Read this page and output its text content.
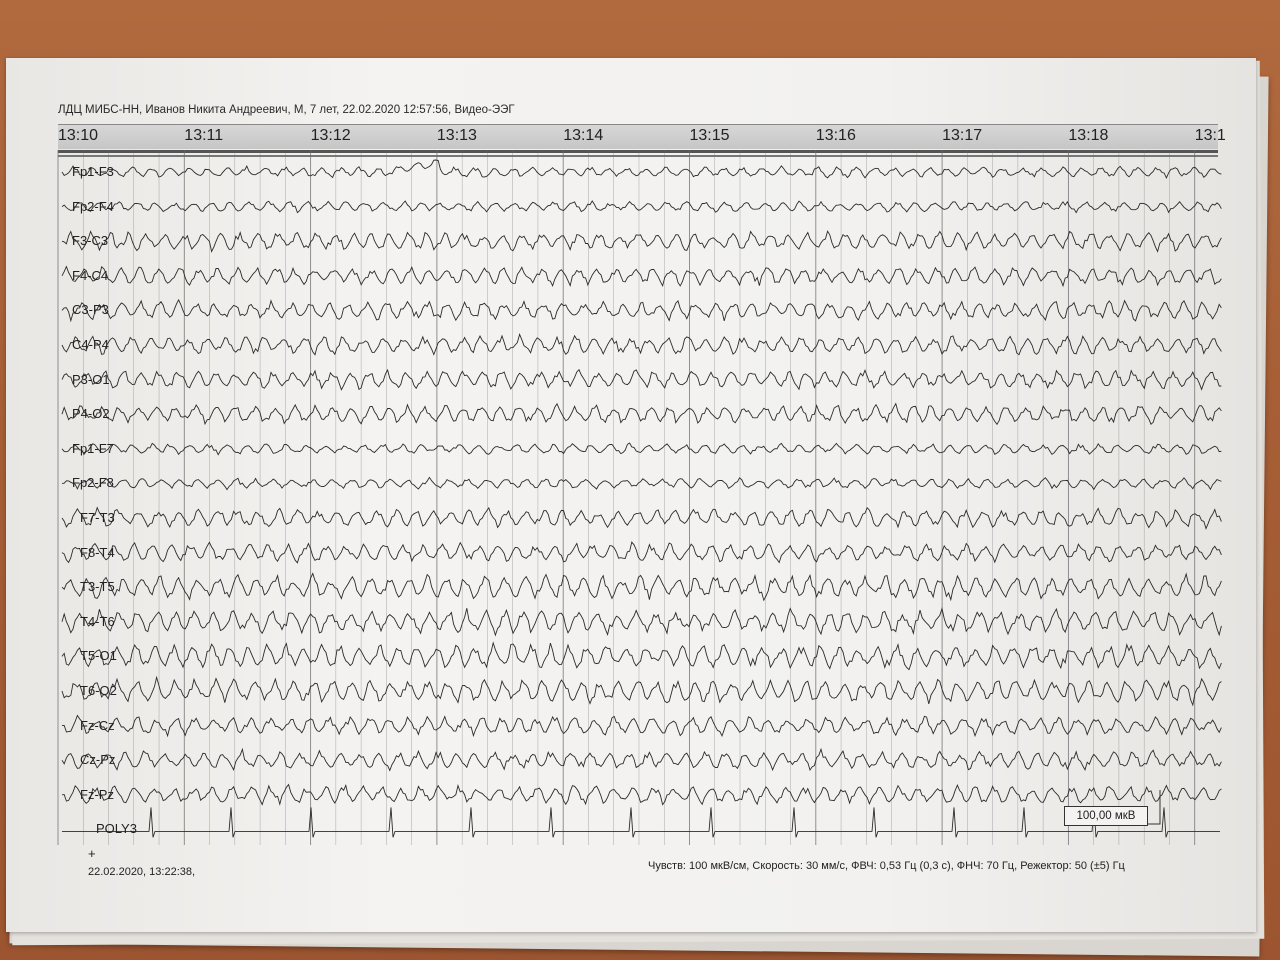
ЛДЦ МИБС-НН, Иванов Никита Андреевич, М, 7 лет, 22.02.2020 12:57:56, Видео-ЭЭГ
13:10	13:11	13:12	13:13	13:14	13:15	13:16	13:17	13:18	13:1
Fp1-F3
Fp2-F4
F3-C3
F4-C4
C3-P3
C4-P4
P3-O1
P4-O2
Fp1-F7
Fp2-F8
F7-T3
F8-T4
T3-T5
T4-T6
T5-O1
T6-O2
Fz-Cz
Cz-Pz
Fz-Pz
POLY3
100,00 мкВ
+
22.02.2020, 13:22:38,	Чувств: 100 мкВ/см, Скорость: 30 мм/с, ФВЧ: 0,53 Гц (0,3 с), ФНЧ: 70 Гц, Режектор: 50 (±5) Гц
